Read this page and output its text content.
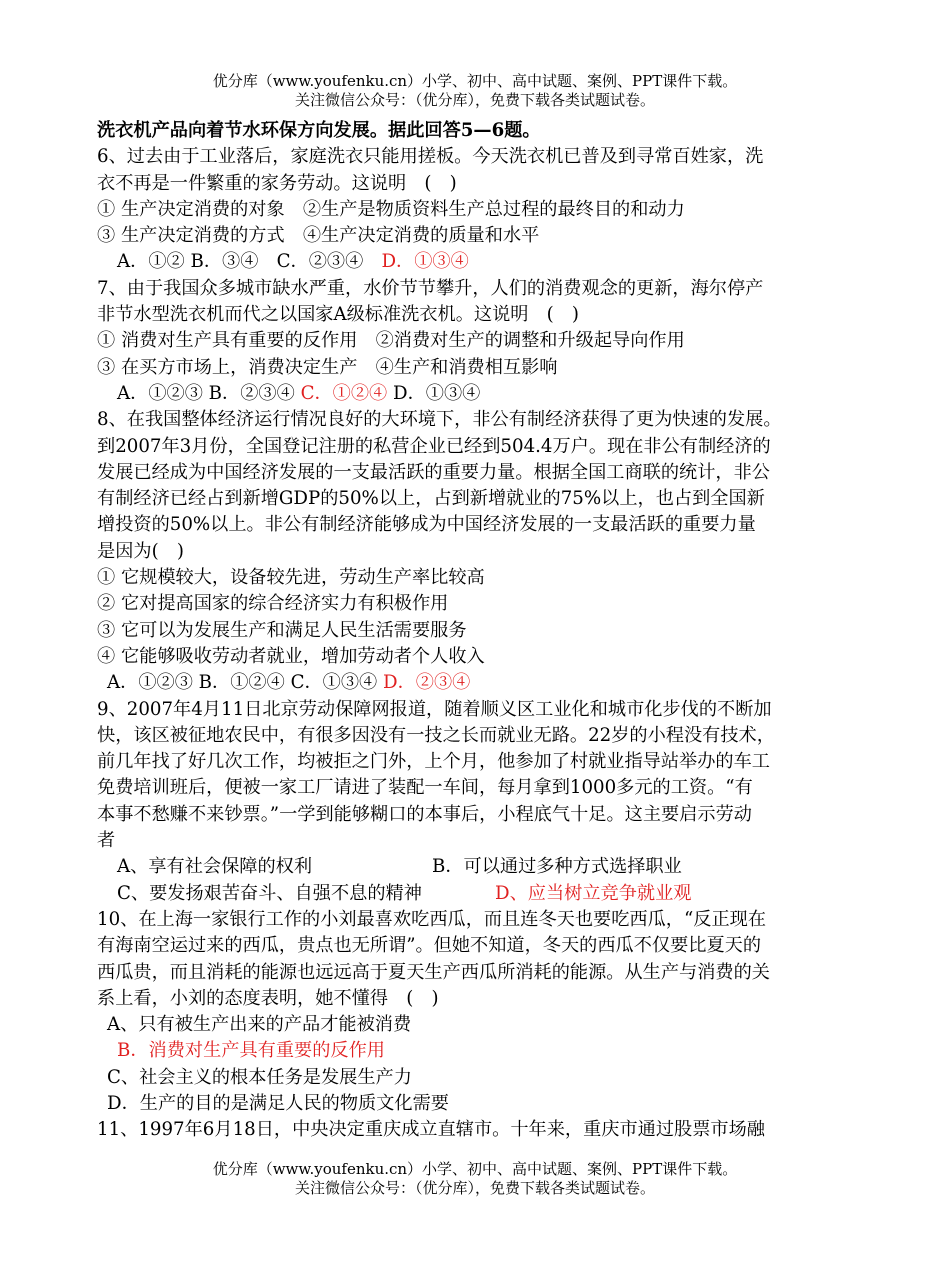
优分库（www.youfenku.cn）小学、初中、高中试题、案例、PPT课件下载。
关注微信公众号：（优分库），免费下载各类试题试卷。
洗衣机产品向着节水环保方向发展。据此回答5—6题。
6、过去由于工业落后，家庭洗衣只能用搓板。今天洗衣机已普及到寻常百姓家，洗
衣不再是一件繁重的家务劳动。这说明　(　)
① 生产决定消费的对象　②生产是物质资料生产总过程的最终目的和动力
③ 生产决定消费的方式　④生产决定消费的质量和水平
A．①② B．③④　C．②③④　D．①③④
7、由于我国众多城市缺水严重，水价节节攀升，人们的消费观念的更新，海尔停产
非节水型洗衣机而代之以国家A级标准洗衣机。这说明　(　)
① 消费对生产具有重要的反作用　②消费对生产的调整和升级起导向作用
③ 在买方市场上，消费决定生产　④生产和消费相互影响
A．①②③ B．②③④ C．①②④ D．①③④
8、在我国整体经济运行情况良好的大环境下，非公有制经济获得了更为快速的发展。
到2007年3月份，全国登记注册的私营企业已经到504.4万户。现在非公有制经济的
发展已经成为中国经济发展的一支最活跃的重要力量。根据全国工商联的统计，非公
有制经济已经占到新增GDP的50%以上，占到新增就业的75%以上，也占到全国新
增投资的50%以上。非公有制经济能够成为中国经济发展的一支最活跃的重要力量
是因为(　)
① 它规模较大，设备较先进，劳动生产率比较高
② 它对提高国家的综合经济实力有积极作用
③ 它可以为发展生产和满足人民生活需要服务
④ 它能够吸收劳动者就业，增加劳动者个人收入
A．①②③ B．①②④ C．①③④ D．②③④
9、2007年4月11日北京劳动保障网报道，随着顺义区工业化和城市化步伐的不断加
快，该区被征地农民中，有很多因没有一技之长而就业无路。22岁的小程没有技术，
前几年找了好几次工作，均被拒之门外，上个月，他参加了村就业指导站举办的车工
免费培训班后，便被一家工厂请进了装配一车间，每月拿到1000多元的工资。“有
本事不愁赚不来钞票。”一学到能够糊口的本事后，小程底气十足。这主要启示劳动
者
A、享有社会保障的权利	B．可以通过多种方式选择职业
C、要发扬艰苦奋斗、自强不息的精神	D、应当树立竞争就业观
10、在上海一家银行工作的小刘最喜欢吃西瓜，而且连冬天也要吃西瓜，“反正现在
有海南空运过来的西瓜，贵点也无所谓”。但她不知道，冬天的西瓜不仅要比夏天的
西瓜贵，而且消耗的能源也远远高于夏天生产西瓜所消耗的能源。从生产与消费的关
系上看，小刘的态度表明，她不懂得　(　)
A、只有被生产出来的产品才能被消费
B．消费对生产具有重要的反作用
C、社会主义的根本任务是发展生产力
D．生产的目的是满足人民的物质文化需要
11、1997年6月18日，中央决定重庆成立直辖市。十年来，重庆市通过股票市场融
优分库（www.youfenku.cn）小学、初中、高中试题、案例、PPT课件下载。
关注微信公众号：（优分库），免费下载各类试题试卷。
